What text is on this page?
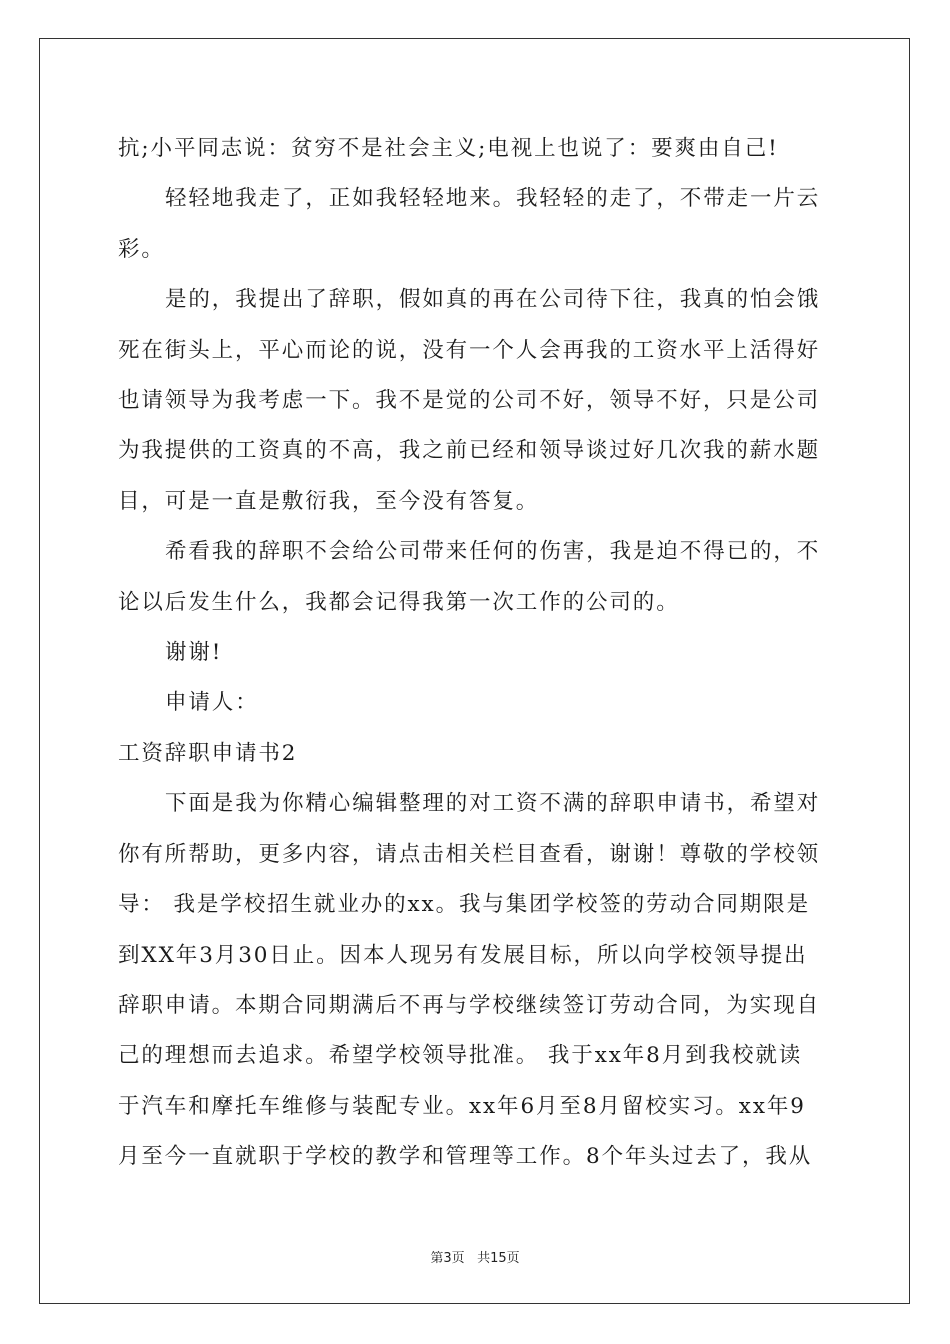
抗;小平同志说：贫穷不是社会主义;电视上也说了：要爽由自己!
轻轻地我走了，正如我轻轻地来。我轻轻的走了，不带走一片云
彩。
是的，我提出了辞职，假如真的再在公司待下往，我真的怕会饿
死在街头上，平心而论的说，没有一个人会再我的工资水平上活得好
也请领导为我考虑一下。我不是觉的公司不好，领导不好，只是公司
为我提供的工资真的不高，我之前已经和领导谈过好几次我的薪水题
目，可是一直是敷衍我，至今没有答复。
希看我的辞职不会给公司带来任何的伤害，我是迫不得已的，不
论以后发生什么，我都会记得我第一次工作的公司的。
谢谢!
申请人：
工资辞职申请书2
下面是我为你精心编辑整理的对工资不满的辞职申请书，希望对
你有所帮助，更多内容，请点击相关栏目查看，谢谢！尊敬的学校领
导： 我是学校招生就业办的xx。我与集团学校签的劳动合同期限是
到XX年3月30日止。因本人现另有发展目标，所以向学校领导提出
辞职申请。本期合同期满后不再与学校继续签订劳动合同，为实现自
己的理想而去追求。希望学校领导批准。 我于xx年8月到我校就读
于汽车和摩托车维修与装配专业。xx年6月至8月留校实习。xx年9
月至今一直就职于学校的教学和管理等工作。8个年头过去了，我从
第3页 共15页
